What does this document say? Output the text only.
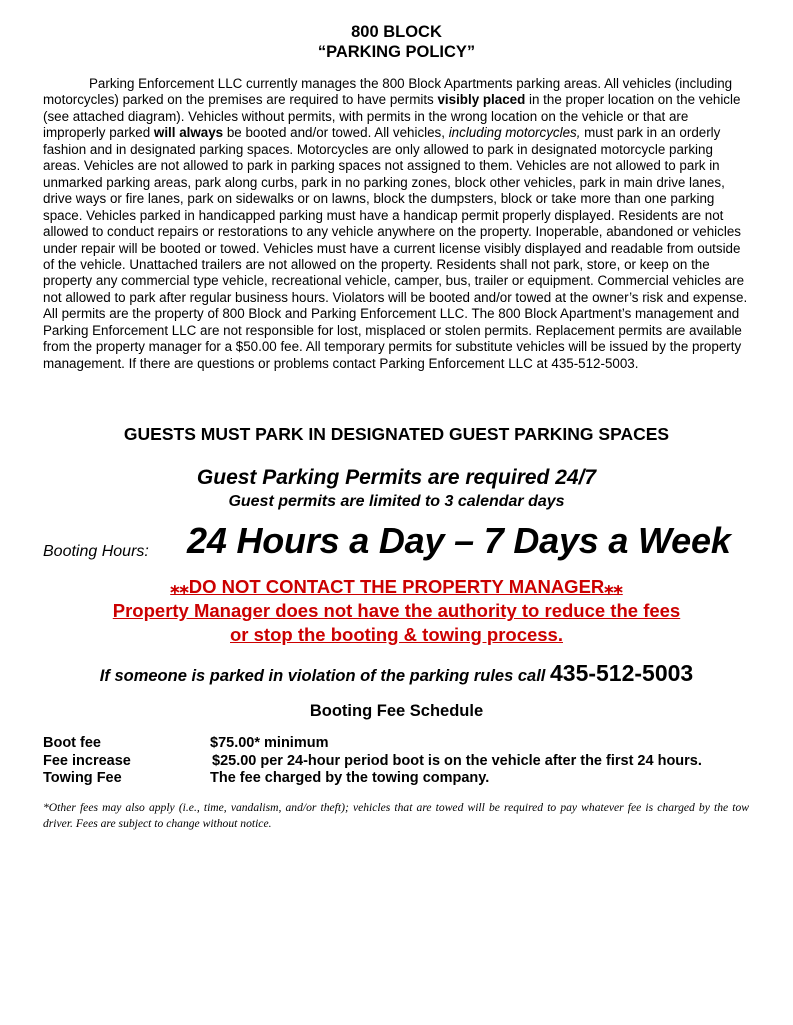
800 BLOCK
“PARKING POLICY”
Parking Enforcement LLC currently manages the 800 Block Apartments parking areas. All vehicles (including motorcycles) parked on the premises are required to have permits visibly placed in the proper location on the vehicle (see attached diagram). Vehicles without permits, with permits in the wrong location on the vehicle or that are improperly parked will always be booted and/or towed. All vehicles, including motorcycles, must park in an orderly fashion and in designated parking spaces. Motorcycles are only allowed to park in designated motorcycle parking areas. Vehicles are not allowed to park in parking spaces not assigned to them. Vehicles are not allowed to park in unmarked parking areas, park along curbs, park in no parking zones, block other vehicles, park in main drive lanes, drive ways or fire lanes, park on sidewalks or on lawns, block the dumpsters, block or take more than one parking space. Vehicles parked in handicapped parking must have a handicap permit properly displayed. Residents are not allowed to conduct repairs or restorations to any vehicle anywhere on the property. Inoperable, abandoned or vehicles under repair will be booted or towed. Vehicles must have a current license visibly displayed and readable from outside of the vehicle. Unattached trailers are not allowed on the property. Residents shall not park, store, or keep on the property any commercial type vehicle, recreational vehicle, camper, bus, trailer or equipment. Commercial vehicles are not allowed to park after regular business hours. Violators will be booted and/or towed at the owner’s risk and expense. All permits are the property of 800 Block and Parking Enforcement LLC. The 800 Block Apartment’s management and Parking Enforcement LLC are not responsible for lost, misplaced or stolen permits. Replacement permits are available from the property manager for a $50.00 fee. All temporary permits for substitute vehicles will be issued by the property management. If there are questions or problems contact Parking Enforcement LLC at 435-512-5003.
GUESTS MUST PARK IN DESIGNATED GUEST PARKING SPACES
Guest Parking Permits are required 24/7
Guest permits are limited to 3 calendar days
Booting Hours: 24 Hours a Day – 7 Days a Week
⁎⁎DO NOT CONTACT THE PROPERTY MANAGER⁎⁎
Property Manager does not have the authority to reduce the fees
or stop the booting & towing process.
If someone is parked in violation of the parking rules call 435-512-5003
Booting Fee Schedule
Boot fee	$75.00* minimum
Fee increase	$25.00 per 24-hour period boot is on the vehicle after the first 24 hours.
Towing Fee	The fee charged by the towing company.
*Other fees may also apply (i.e., time, vandalism, and/or theft); vehicles that are towed will be required to pay whatever fee is charged by the tow driver. Fees are subject to change without notice.
